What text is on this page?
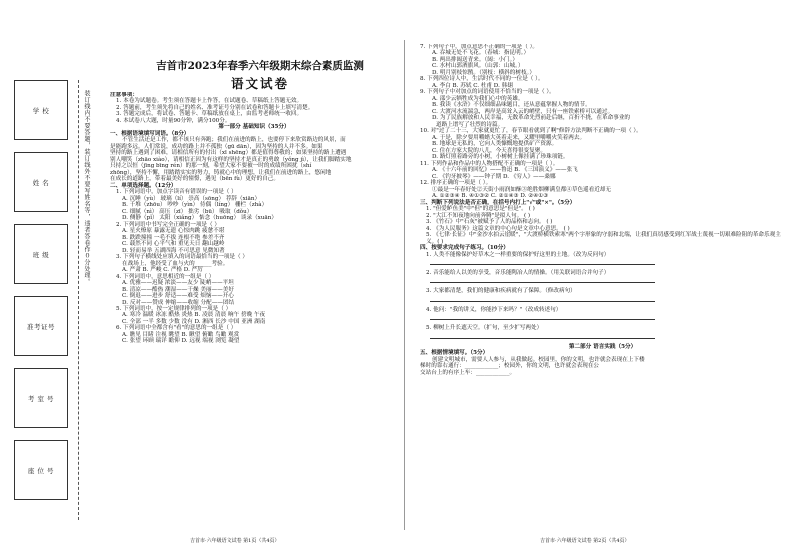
学 校
姓 名
班 级
准考证号
考 室 号
座 位 号
装订线内不要答题，装订线外不要写姓名等，违者答卷作０分处理。
吉首市2023年春季六年级期末综合素质监测
语文试卷

注意事项：

1. 本卷为试题卷。考生须在答题卡上作答，在试题卷、草稿纸上答题无效。

2. 答题前，考生须先将自己的姓名、准考证号分别在试卷和答题卡上填写清楚。

3. 答题完成后，将试卷、答题卡、草稿纸放在桌上，由监考老师统一收回。

4. 本试卷八大题，时量90分钟，满分100分。

第一部分 基础知识（35分）

一、根据语境填写词语。（8分）

不管生活还是工作，都不该只有奔跑；我们在前进的路上，也要停下来欣赏路边的风景，而

是能跑多远。人们常说，成功的路上并不孤独（gū dān），因为坚持的人并不多。如果

坚持的路上遇到了困难，请相信所有的付出（xī shēng）都是值得尊敬的；如果坚持的路上遭遇

别人嘲笑（zhāo xiào），请相信正因为有这样的坚持才是真正的勇敢（yǒng jì），让我们脚踏实地

只持之以恒（jīng bīng rén）的那一刻，希望大家不要被一时的成绩所困扰（shí

zhōng），坚持不懈，用踏踏实实的努力，铸就心中的理想，让我们在前进的路上，悠闲地

在成长的道路上，带着最美好的憧憬，遇见（bēn fù）更好的自己。

二、单项选择题。（12分）

1. 下列词语中，加点字读音有错误的一项是（ ）

A. 沉睡（yù） 玻璃（lí） 崇高（sōng） 荐辞（xiān）

B. 千堆（zhōu） 吵吵（yìn） 侍偶（líng） 栅栏（zhà）

C. 细腻（nì） 高压（zī） 拙劣（bū） 吸取（dǒu）

D. 侧静（pǐ） 太阳（xiǎng） 惦念（huōng） 谈录（xuān）

2. 下列词语中书写完全正确的一项是（ ）

A. 星火燎原 暴露无遗 心惊肉跳 疲惫不堪

B. 跌跌撞撞 一毛不拔 连根不绝 参差不齐

C. 载然不同 心平气和 重见天日 翻山越岭

D. 轻而易举 五湖四海 不可思意 见微知著

3. 下列句子横线处应填入的词语最恰当的一项是（ ）

在战场上，他经受了血与火的______考验。

A. 严肃 B. 严峻 C. 严格 D. 严厉

4. 下列词语中，意思相近的一组是（ ）

A. 优雅——迟疑 浓淡——友少 陡峭——平坦

B. 清凉——酷热 潮湿——干燥 美丽——美好

C. 倒退——进步 舒适——难受 烦恼——开心

D. 反对——赞成 伸缩——收缩 分配——团结

5. 下列词语中，按一定规律排列的一项是（ ）

A. 寒冷 温暖 冰冻 酷热 炎热 B. 凌晨 清晨 晌午 傍晚 午夜

C. 全部 一半 多数 少数 没有 D. 湘西 长沙 中国 亚洲 湖南

6. 下列词语中全都含有"看"的意思的一组是（ ）

A. 瞧见 目睹 注视 眺望 B. 瞅望 俯瞰 鸟瞰 观赏

C. 张望 环顾 瑞详 瞻仰 D. 远视 端视 浏览 凝望

7. 下列句子中，加点意思不正确的一项是（ ）。

A. 吞城无处不飞花。（春城：指昆明。）

B. 两出排闼送青来。（闼：小门。）

C. 水村山郭酒旗风。（山郭：山城。）

D. 明月别枝惊鹊。（别枝：横斜的树枝。）

8. 下列四位诗人中，生活时代不同的一位是（ ）。

A. 李白 B. 苏轼 C. 杜甫 D. 韩翃

9. 下列句子中对加点的词语使用不恰当的一项是（ ）。

A. 邵少云牺牲成为我们心中的英雄。

B. 我读《水浒》不仅细细品味题目，还从意蕴掌握人物的情节。

C. 大渡河水流湍急，两岸是高耸入云的峭壁，只有一座铁索桥可以通过。

D. 为了民族解放和人民幸福，无数革命先烈前赴后继，百折不挠，在革命事业的

道路上谱写了壮烈的诗篇。

10. 对"过了二十三，大家就更忙了，春节眼看就到了啊"修辞方法判断不正确的一项（ ）。

A. 于是，除夕要用嚼蜡大英着走来，又耀里嚼嚼火笑着两去。

B. 地球是无私的，它向人类慷慨地提供矿产资源。

C. 住在方家大院的八儿，今天喜得很变复聚。

D. 路灯照着路旁的小树，小树树上像挂满了珍珠项链。

11. 下列作品和作品中的人物搭配不正确的一项是（ ）。

A. 《十六年前的回忆》——鲁迅 B. 《三国演义》——张飞

C. 《钓牙披琴》——钟子期 D. 《穷人》——桑娜

12. 排序正确的一项是（ ）。

①最是一年春好处②天街小雨润如酥③绝胜烟柳满皇都④草色遥看近却无

A. ①②③④ B. ④①③② C. ②①④③ D. ②④①③

三、判断下列说法是否正确，在括号内打上"√"或"×"。（5分）

1. "但爱鲈鱼美"中"但"的意思是"但是"。 ( )

2. "大江不知夜地向前奔腾"是拟人句。 ( )

3. 《竹石》中"石灰"被赋予了人的品格和志向。 ( )

4. 《为人民服务》这篇文章的中心句是文章中心意思。 ( )

5. 《七律·长征》中"金沙水拍云崖暖"，"大渡桥横铁索寒"两个字形象的守弱和北端，让我们真切感受到红军战士蔑视一切艰难险阻的革命乐观主义。( )

四、按要求完成句子练习。（10分）

1. 人类不能像保护好草木之一样重要的保护好这里的土地。（改为反问句）

2. 音乐能给人以美的享受，音乐能陶冶人的情操。（用关联词语合并句子）

3. 大家都清楚，我们的健康和疾病就有了保障。（修改病句）

4. 他问："我的讲义，你能抄下来吗？"（改成转述句）

5. 柳树上升长遮天空。（扩句，至少扩写两处）

第二部分 语言实践（5分）

五、根据情境填写。（5分）

创建文明城市，需要人人参与，从我做起。校园里，你的文明，也许就会表现在上下楼

梯时的靠右通行：____________；校园外，你的文明，也许就会表现在公

交站台上的有序上车：____________。

吉首市·六年级语文试卷 第1页（共4页）	吉首市·六年级语文试卷 第2页（共4页）
